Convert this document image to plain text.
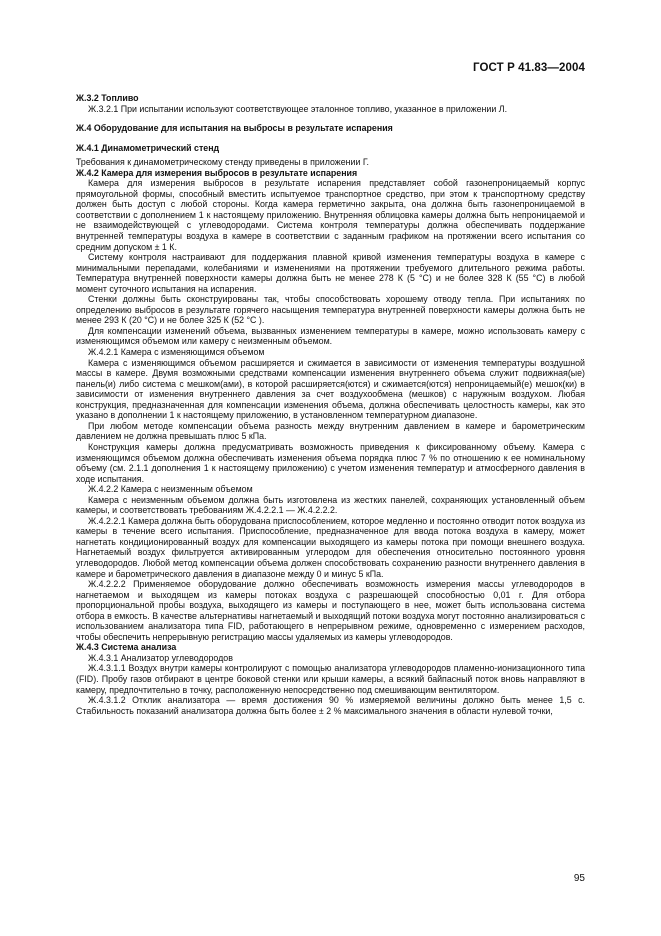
ГОСТ Р 41.83—2004

Ж.3.2 Топливо

Ж.3.2.1 При испытании используют соответствующее эталонное топливо, указанное в приложении Л.

Ж.4 Оборудование для испытания на выбросы в результате испарения

Ж.4.1 Динамометрический стенд

Требования к динамометрическому стенду приведены в приложении Г.

Ж.4.2 Камера для измерения выбросов в результате испарения

Камера для измерения выбросов в результате испарения представляет собой газонепроницаемый корпус прямоугольной формы, способный вместить испытуемое транспортное средство, при этом к транспортному средству должен быть доступ с любой стороны. Когда камера герметично закрыта, она должна быть газонепроницаемой в соответствии с дополнением 1 к настоящему приложению. Внутренняя облицовка камеры должна быть непроницаемой и не взаимодействующей с углеводородами. Система контроля температуры должна обеспечивать поддержание внутренней температуры воздуха в камере в соответствии с заданным графиком на протяжении всего испытания со средним допуском ± 1 К.

Систему контроля настраивают для поддержания плавной кривой изменения температуры воздуха в камере с минимальными перепадами, колебаниями и изменениями на протяжении требуемого длительного режима работы. Температура внутренней поверхности камеры должна быть не менее 278 К (5 °С) и не более 328 К (55 °С) в любой момент суточного испытания на испарения.

Стенки должны быть сконструированы так, чтобы способствовать хорошему отводу тепла. При испытаниях по определению выбросов в результате горячего насыщения температура внутренней поверхности камеры должна быть не менее 293 К (20 °С) и не более 325 К (52 °С ).

Для компенсации изменений объема, вызванных изменением температуры в камере, можно использовать камеру с изменяющимся объемом или камеру с неизменным объемом.

Ж.4.2.1 Камера с изменяющимся объемом

Камера с изменяющимся объемом расширяется и сжимается в зависимости от изменения температуры воздушной массы в камере. Двумя возможными средствами компенсации изменения внутреннего объема служит подвижная(ые) панель(и) либо система с мешком(ами), в которой расширяется(ются) и сжимается(ются) непроницаемый(е) мешок(ки) в зависимости от изменения внутреннего давления за счет воздухообмена (мешков) с наружным воздухом. Любая конструкция, предназначенная для компенсации изменения объема, должна обеспечивать целостность камеры, как это указано в дополнении 1 к настоящему приложению, в установленном температурном диапазоне.

При любом методе компенсации объема разность между внутренним давлением в камере и барометрическим давлением не должна превышать плюс 5 кПа.

Конструкция камеры должна предусматривать возможность приведения к фиксированному объему. Камера с изменяющимся объемом должна обеспечивать изменения объема порядка плюс 7 % по отношению к ее номинальному объему (см. 2.1.1 дополнения 1 к настоящему приложению) с учетом изменения температур и атмосферного давления в ходе испытания.

Ж.4.2.2 Камера с неизменным объемом

Камера с неизменным объемом должна быть изготовлена из жестких панелей, сохраняющих установленный объем камеры, и соответствовать требованиям Ж.4.2.2.1 — Ж.4.2.2.2.

Ж.4.2.2.1 Камера должна быть оборудована приспособлением, которое медленно и постоянно отводит поток воздуха из камеры в течение всего испытания. Приспособление, предназначенное для ввода потока воздуха в камеру, может нагнетать кондиционированный воздух для компенсации выходящего из камеры потока при помощи внешнего воздуха. Нагнетаемый воздух фильтруется активированным углеродом для обеспечения относительно постоянного уровня углеводородов. Любой метод компенсации объема должен способствовать сохранению разности внутреннего давления в камере и барометрического давления в диапазоне между 0 и минус 5 кПа.

Ж.4.2.2.2 Применяемое оборудование должно обеспечивать возможность измерения массы углеводородов в нагнетаемом и выходящем из камеры потоках воздуха с разрешающей способностью 0,01 г. Для отбора пропорциональной пробы воздуха, выходящего из камеры и поступающего в нее, может быть использована система отбора в емкость. В качестве альтернативы нагнетаемый и выходящий потоки воздуха могут постоянно анализироваться с использованием анализатора типа FID, работающего в непрерывном режиме, одновременно с измерением расходов, чтобы обеспечить непрерывную регистрацию массы удаляемых из камеры углеводородов.

Ж.4.3 Система анализа

Ж.4.3.1 Анализатор углеводородов

Ж.4.3.1.1 Воздух внутри камеры контролируют с помощью анализатора углеводородов пламенно-ионизационного типа (FID). Пробу газов отбирают в центре боковой стенки или крыши камеры, а всякий байпасный поток вновь направляют в камеру, предпочтительно в точку, расположенную непосредственно под смешивающим вентилятором.

Ж.4.3.1.2 Отклик анализатора — время достижения 90 % измеряемой величины должно быть менее 1,5 с. Стабильность показаний анализатора должна быть более ± 2 % максимального значения в области нулевой точки,

95
